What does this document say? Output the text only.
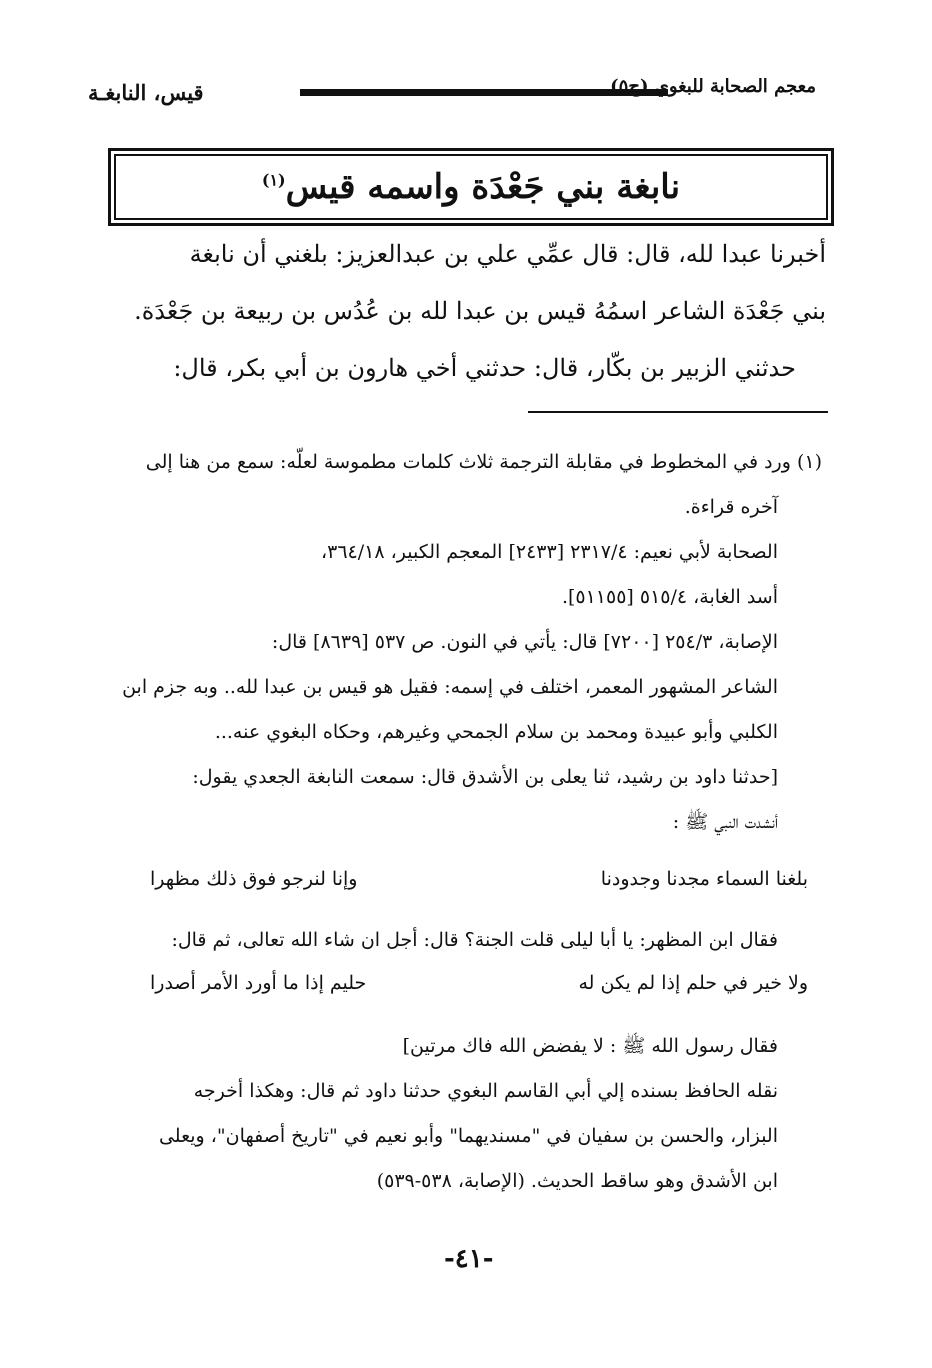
قيس، النابغـة	معجم الصحابة للبغوي (ج٥)
نابغة بني جَعْدَة واسمه قيس$^{(١)}$

أخبرنا عبدا لله، قال: قال عمِّي علي بن عبدالعزيز: بلغني أن نابغة

بني جَعْدَة الشاعر اسمُهُ قيس بن عبدا لله بن عُدُس بن ربيعة بن جَعْدَة.

حدثني الزبير بن بكّار، قال: حدثني أخي هارون بن أبي بكر، قال:

(١) ورد في المخطوط في مقابلة الترجمة ثلاث كلمات مطموسة لعلّه: سمع من هنا إلى

آخره قراءة.

الصحابة لأبي نعيم: ٢٣١٧/٤ [٢٤٣٣] المعجم الكبير، ٣٦٤/١٨،

أسد الغابة، ٥١٥/٤ [٥١١٥٥].

الإصابة، ٢٥٤/٣ [٧٢٠٠] قال: يأتي في النون. ص ٥٣٧ [٨٦٣٩] قال:

الشاعر المشهور المعمر، اختلف في إسمه: فقيل هو قيس بن عبدا لله.. وبه جزم ابن

الكلبي وأبو عبيدة ومحمد بن سلام الجمحي وغيرهم، وحكاه البغوي عنه...

[حدثنا داود بن رشيد، ثنا يعلى بن الأشدق قال: سمعت النابغة الجعدي يقول:

أنشدت النبي ﷺ :

بلغنا السماء مجدنا وجدودنا
وإنا لنرجو فوق ذلك مظهرا

فقال ابن المظهر: يا أبا ليلى قلت الجنة؟ قال: أجل ان شاء الله تعالى، ثم قال:

ولا خير في حلم إذا لم يكن له
حليم إذا ما أورد الأمر أصدرا

فقال رسول الله ﷺ : لا يفضض الله فاك مرتين]

نقله الحافظ بسنده إلي أبي القاسم البغوي حدثنا داود ثم قال: وهكذا أخرجه

البزار، والحسن بن سفيان في "مسنديهما" وأبو نعيم في "تاريخ أصفهان"، ويعلى

ابن الأشدق وهو ساقط الحديث. (الإصابة، ٥٣٨-٥٣٩)

-٤١-
